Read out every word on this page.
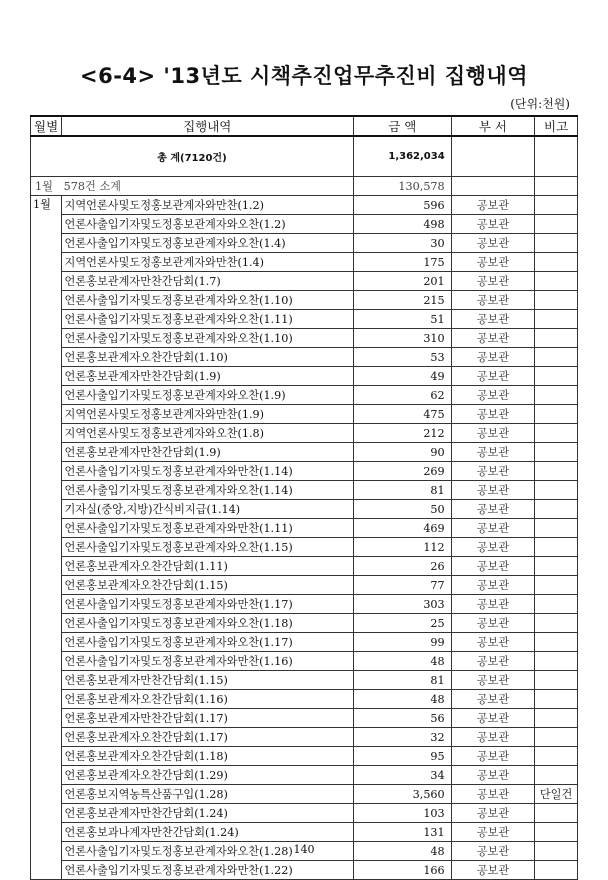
<6-4> '13년도 시책추진업무추진비 집행내역
(단위:천원)
월별	집행내역	금 액	부 서	비고
총 계(7120건)		1,362,034		
1월 578건 소계		130,578		
1월	지역언론사및도정홍보관계자와만찬(1.2)	596	공보관	
	언론사출입기자및도정홍보관계자와오찬(1.2)	498	공보관	
	언론사출입기자및도정홍보관계자와오찬(1.4)	30	공보관	
	지역언론사및도정홍보관계자와만찬(1.4)	175	공보관	
	언론홍보관계자만찬간담회(1.7)	201	공보관	
	언론사출입기자및도정홍보관계자와오찬(1.10)	215	공보관	
	언론사출입기자및도정홍보관계자와오찬(1.11)	51	공보관	
	언론사출입기자및도정홍보관계자와오찬(1.10)	310	공보관	
	언론홍보관계자오찬간담회(1.10)	53	공보관	
	언론홍보관계자만찬간담회(1.9)	49	공보관	
	언론사출입기자및도정홍보관계자와오찬(1.9)	62	공보관	
	지역언론사및도정홍보관계자와만찬(1.9)	475	공보관	
	지역언론사및도정홍보관계자와오찬(1.8)	212	공보관	
	언론홍보관계자만찬간담회(1.9)	90	공보관	
	언론사출입기자및도정홍보관계자와만찬(1.14)	269	공보관	
	언론사출입기자및도정홍보관계자와오찬(1.14)	81	공보관	
	기자실(중앙,지방)간식비지급(1.14)	50	공보관	
	언론사출입기자및도정홍보관계자와만찬(1.11)	469	공보관	
	언론사출입기자및도정홍보관계자와오찬(1.15)	112	공보관	
	언론홍보관계자오찬간담회(1.11)	26	공보관	
	언론홍보관계자오찬간담회(1.15)	77	공보관	
	언론사출입기자및도정홍보관계자와만찬(1.17)	303	공보관	
	언론사출입기자및도정홍보관계자와오찬(1.18)	25	공보관	
	언론사출입기자및도정홍보관계자와오찬(1.17)	99	공보관	
	언론사출입기자및도정홍보관계자와만찬(1.16)	48	공보관	
	언론홍보관계자만찬간담회(1.15)	81	공보관	
	언론홍보관계자오찬간담회(1.16)	48	공보관	
	언론홍보관계자만찬간담회(1.17)	56	공보관	
	언론홍보관계자오찬간담회(1.17)	32	공보관	
	언론홍보관계자오찬간담회(1.18)	95	공보관	
	언론홍보관계자오찬간담회(1.29)	34	공보관	
	언론홍보지역농특산품구입(1.28)	3,560	공보관	단일건
	언론홍보관계자만찬간담회(1.24)	103	공보관	
	언론홍보과나계자만찬간담회(1.24)	131	공보관	
	언론사출입기자및도정홍보관계자와오찬(1.28)	48	공보관	
	언론사출입기자및도정홍보관계자와만찬(1.22)	166	공보관	
140
